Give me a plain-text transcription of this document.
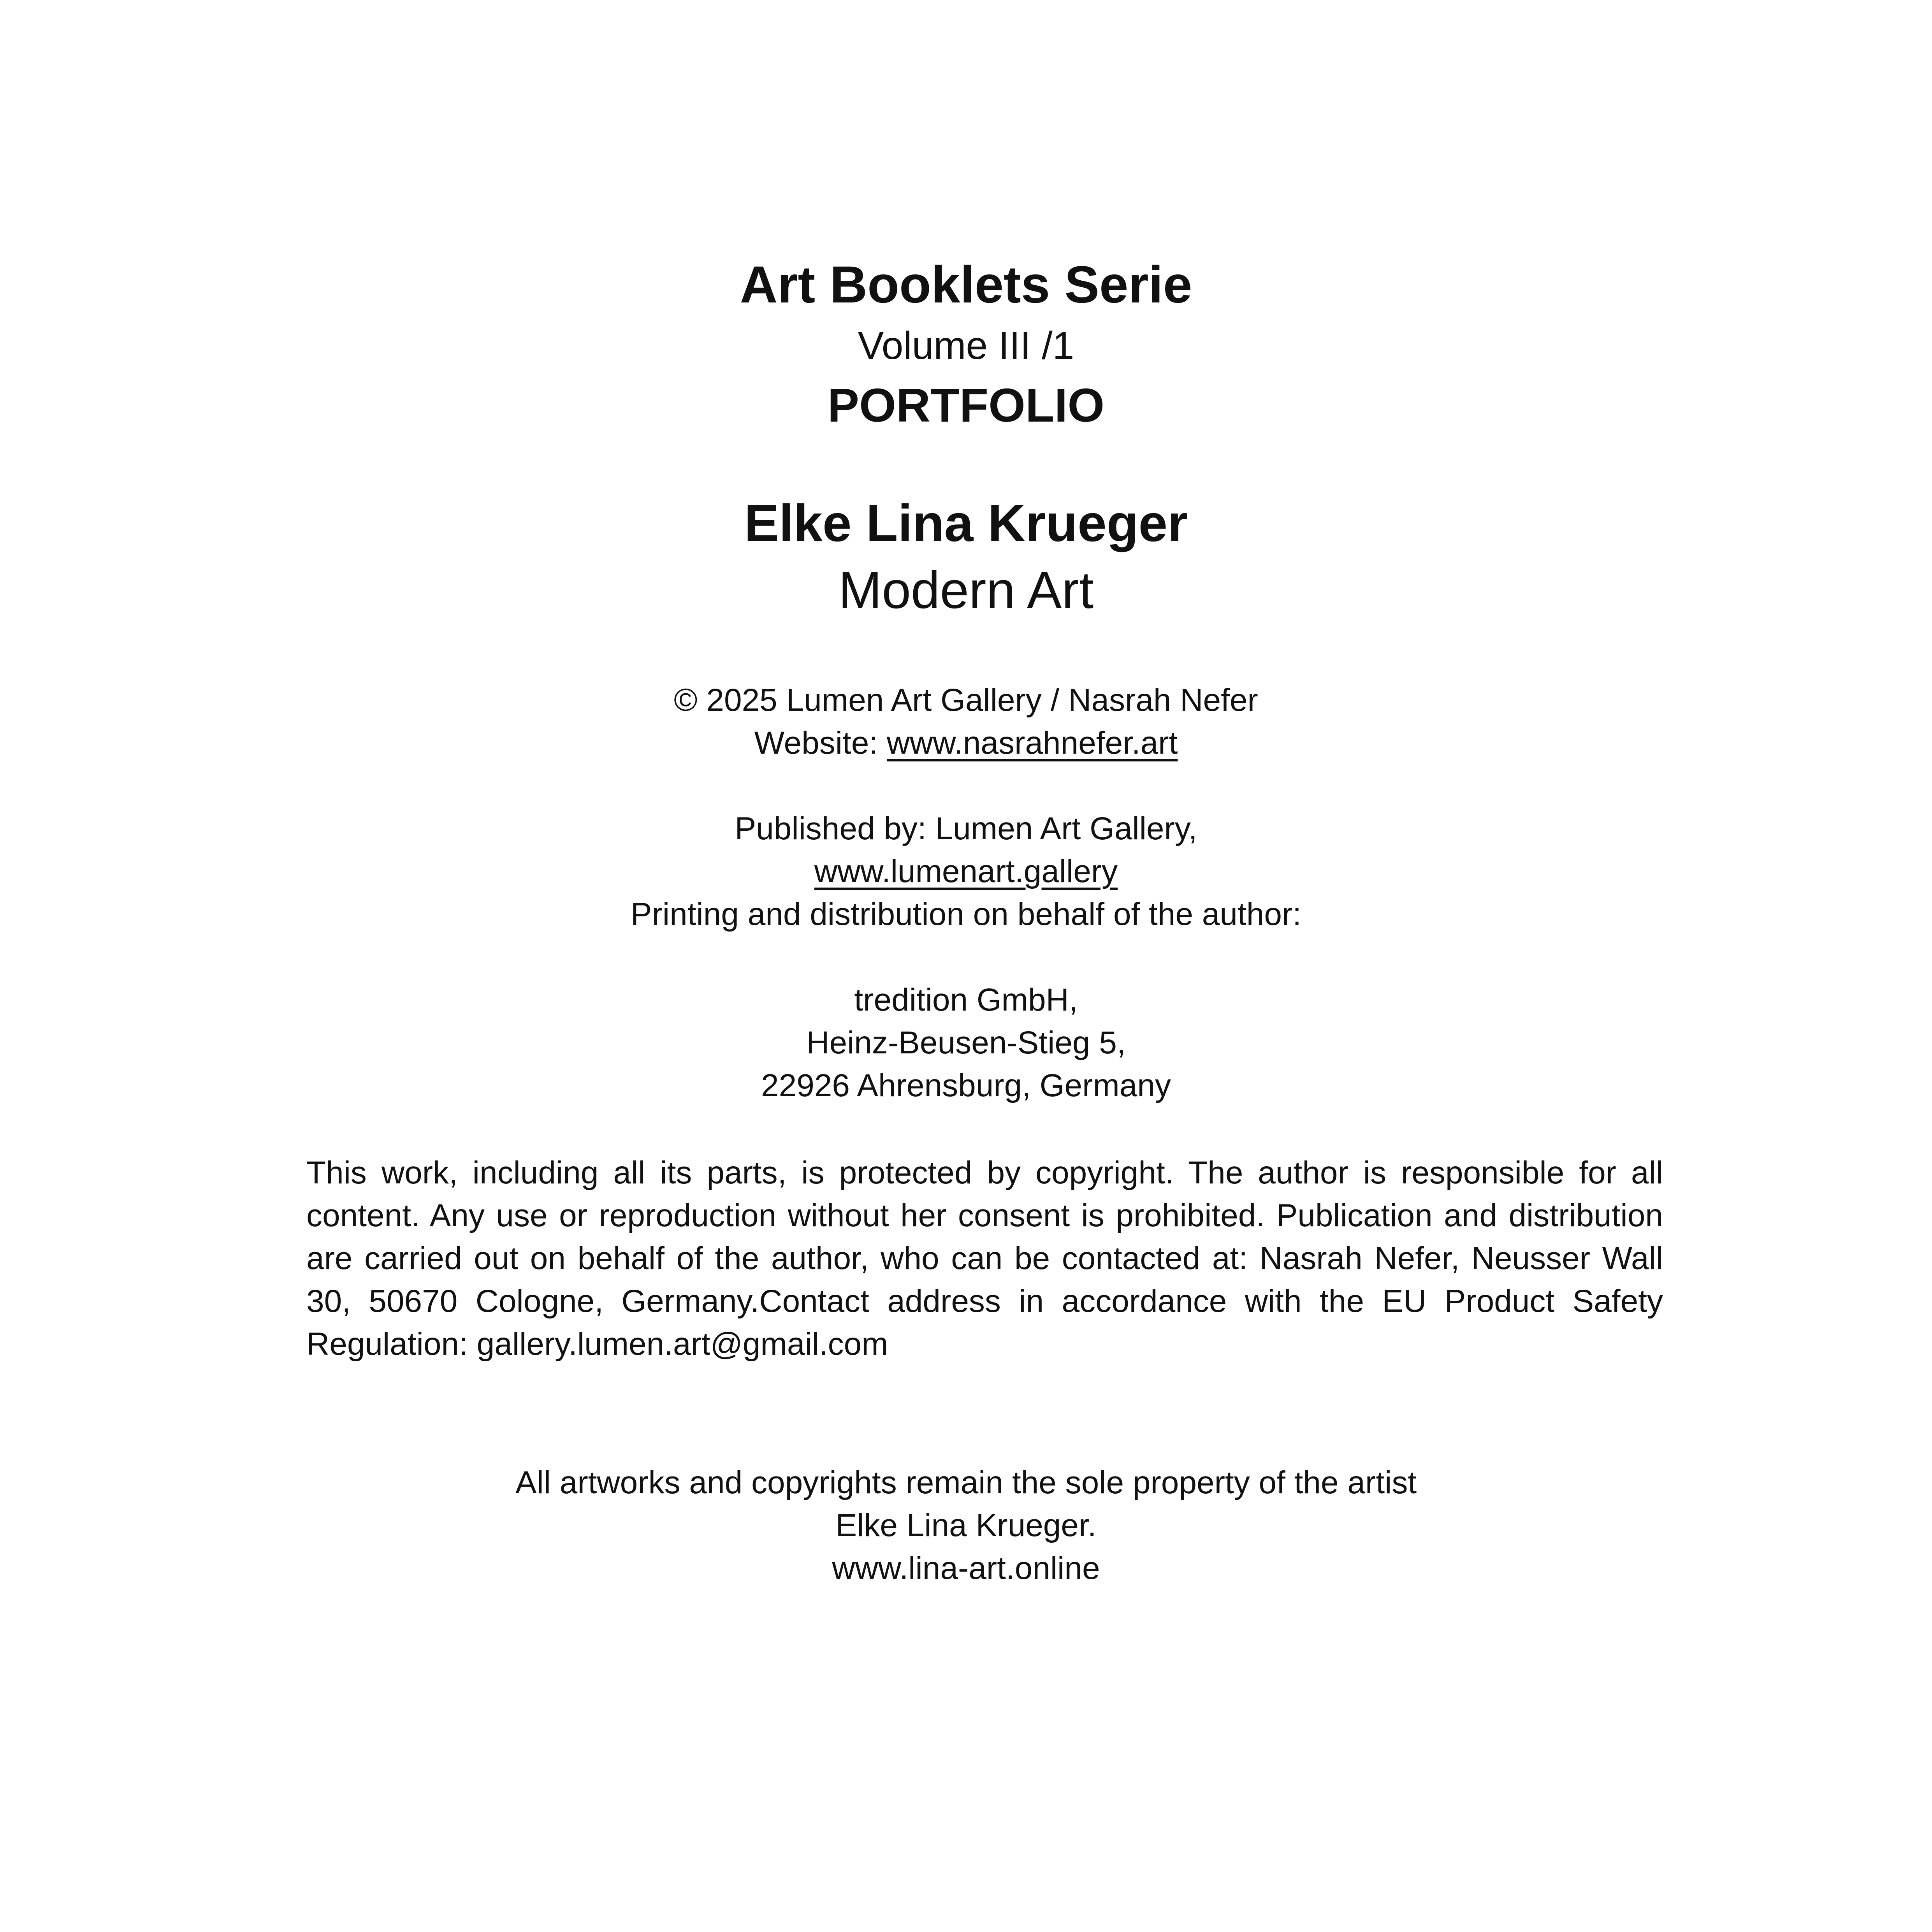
Art Booklets Serie
Volume III /1
PORTFOLIO
Elke Lina Krueger
Modern Art
© 2025 Lumen Art Gallery / Nasrah Nefer
Website: www.nasrahnefer.art
Published by: Lumen Art Gallery,
www.lumenart.gallery
Printing and distribution on behalf of the author:
tredition GmbH,
Heinz-Beusen-Stieg 5,
22926 Ahrensburg, Germany
This work, including all its parts, is protected by copyright. The author is responsible for all content. Any use or reproduction without her consent is prohibited. Publication and distribution are carried out on behalf of the author, who can be contacted at: Nasrah Nefer, Neusser Wall 30, 50670 Cologne, Germany.Contact address in accordance with the EU Product Safety Regulation: gallery.lumen.art@gmail.com
All artworks and copyrights remain the sole property of the artist
Elke Lina Krueger.
www.lina-art.online
